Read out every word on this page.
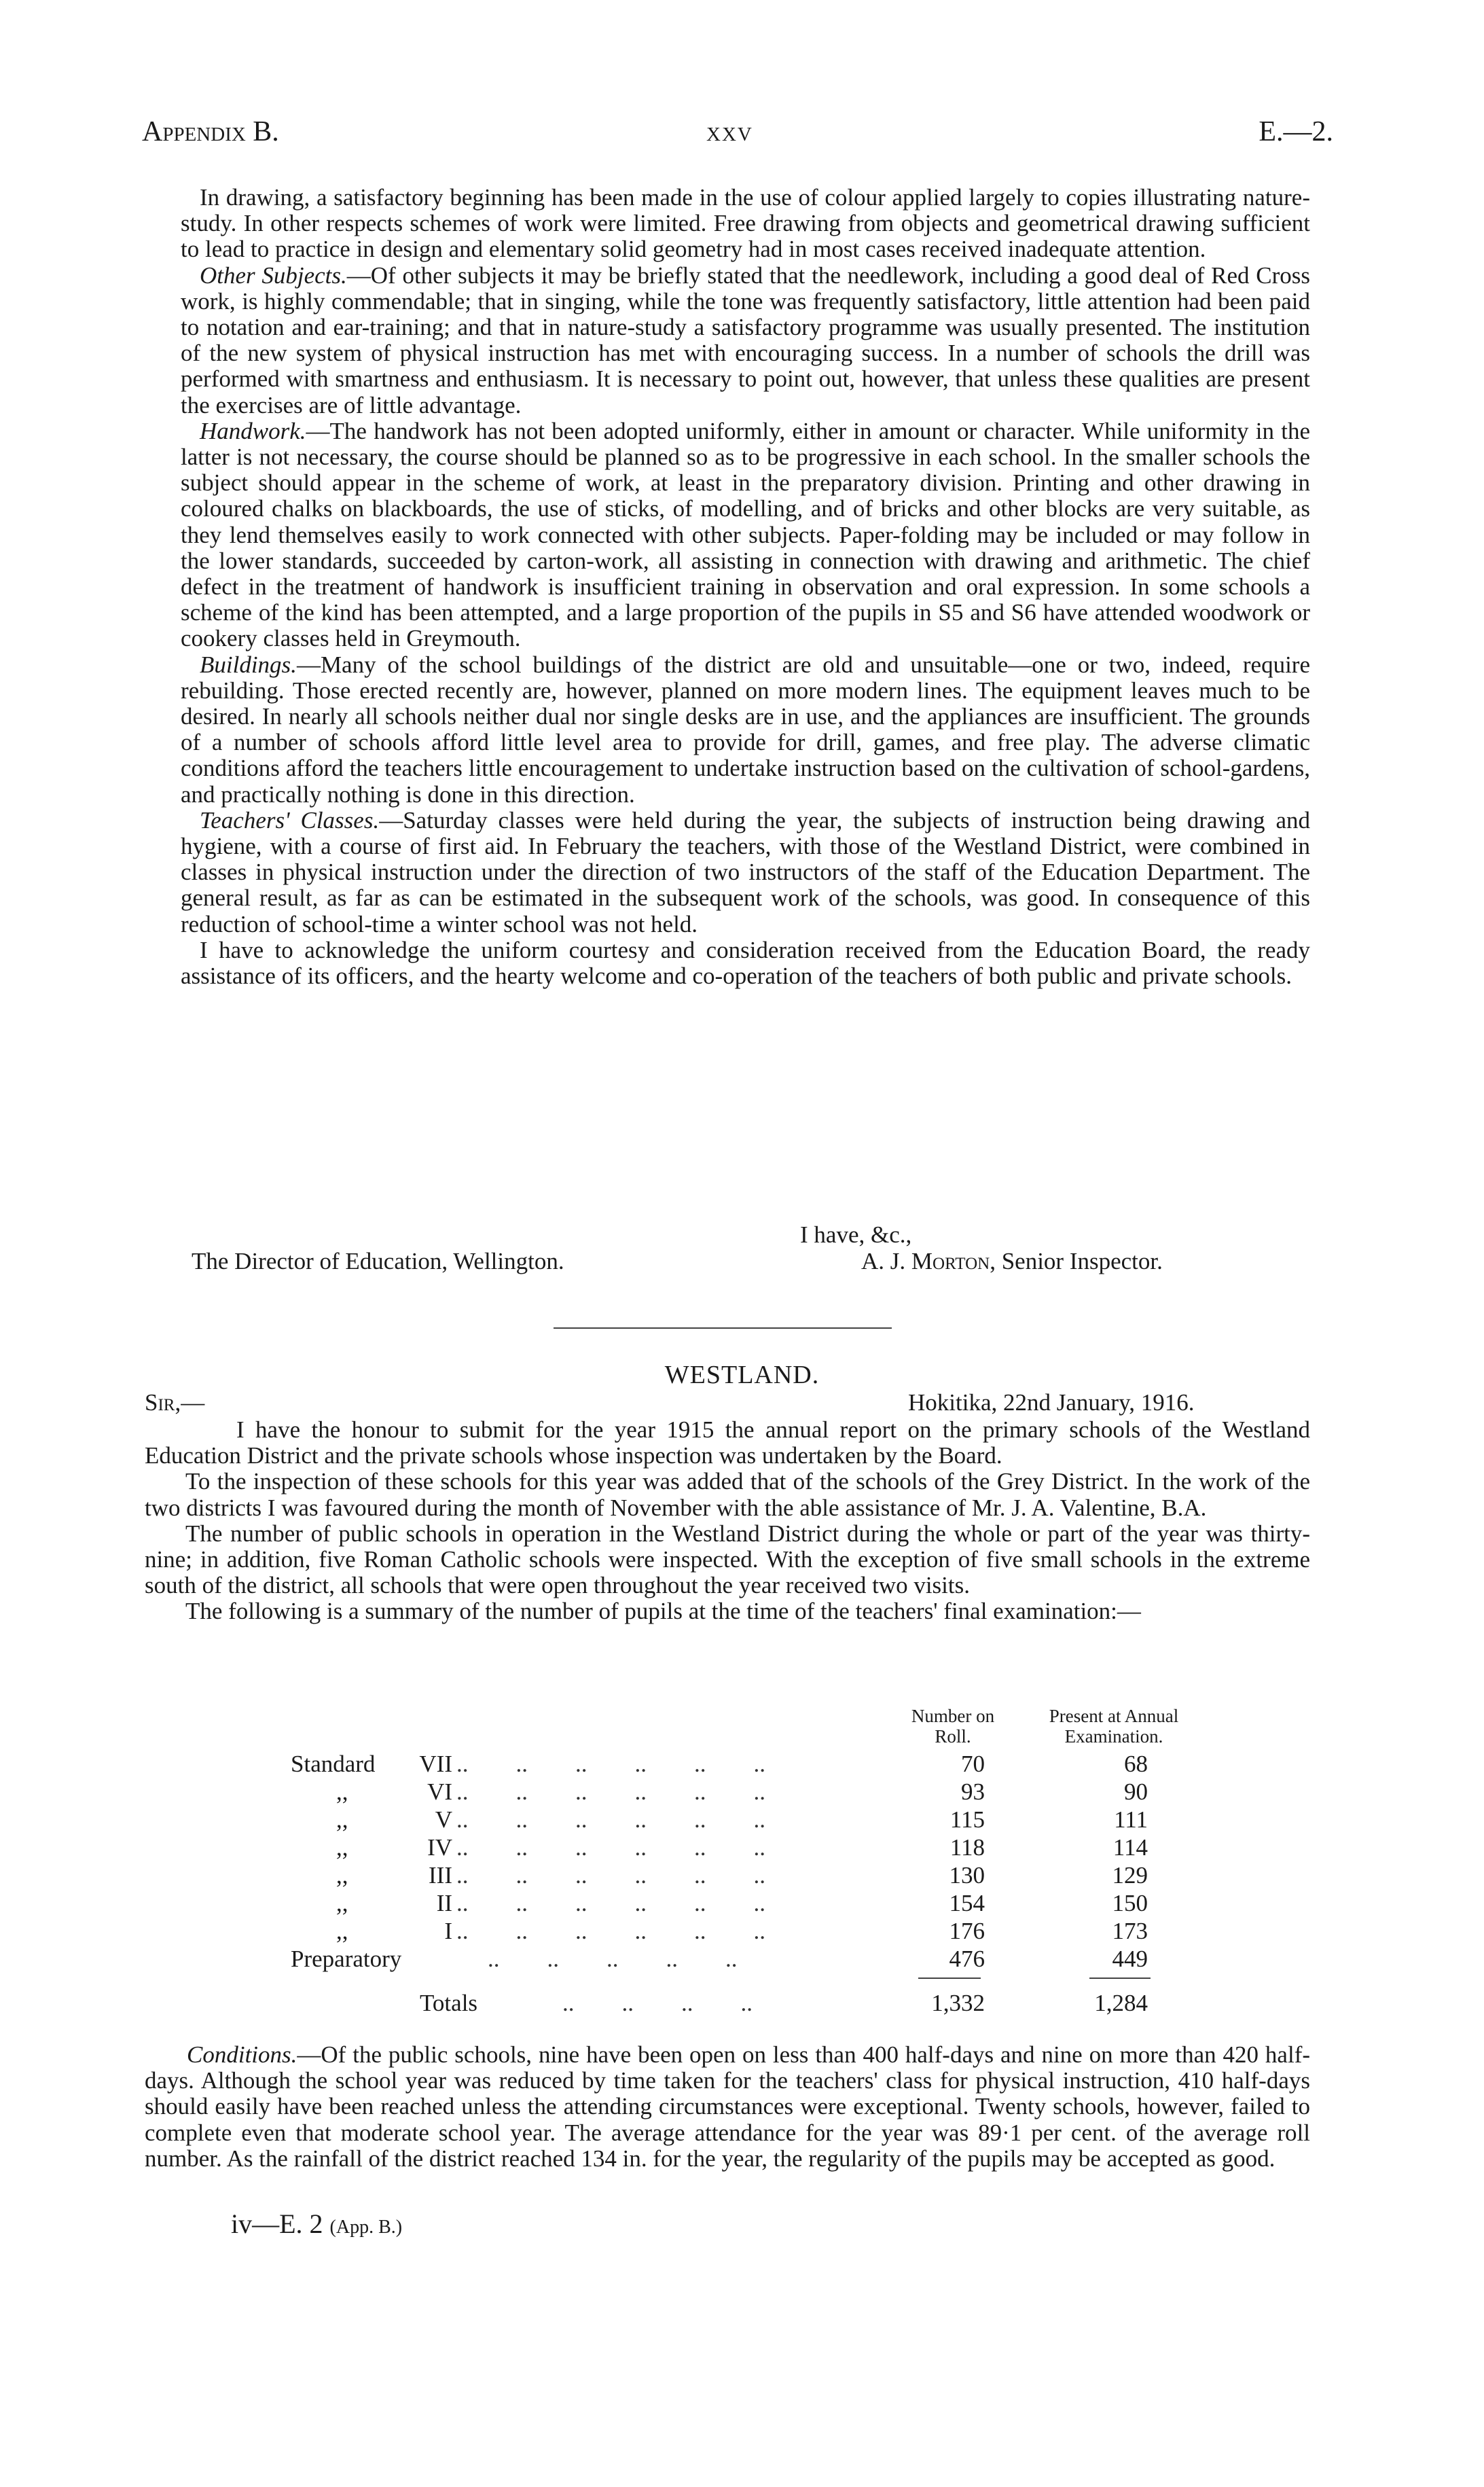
Appendix B.	xxv	E.—2.

In drawing, a satisfactory beginning has been made in the use of colour applied largely to copies illustrating nature-study. In other respects schemes of work were limited. Free drawing from objects and geometrical drawing sufficient to lead to practice in design and elementary solid geometry had in most cases received inadequate attention.

Other Subjects.—Of other subjects it may be briefly stated that the needlework, including a good deal of Red Cross work, is highly commendable; that in singing, while the tone was frequently satisfactory, little attention had been paid to notation and ear-training; and that in nature-study a satisfactory programme was usually presented. The institution of the new system of physical instruction has met with encouraging success. In a number of schools the drill was performed with smartness and enthusiasm. It is necessary to point out, however, that unless these qualities are present the exercises are of little advantage.

Handwork.—The handwork has not been adopted uniformly, either in amount or character. While uniformity in the latter is not necessary, the course should be planned so as to be progressive in each school. In the smaller schools the subject should appear in the scheme of work, at least in the preparatory division. Printing and other drawing in coloured chalks on blackboards, the use of sticks, of modelling, and of bricks and other blocks are very suitable, as they lend themselves easily to work connected with other subjects. Paper-folding may be included or may follow in the lower standards, succeeded by carton-work, all assisting in connection with drawing and arithmetic. The chief defect in the treatment of handwork is insufficient training in observation and oral expression. In some schools a scheme of the kind has been attempted, and a large proportion of the pupils in S5 and S6 have attended woodwork or cookery classes held in Greymouth.

Buildings.—Many of the school buildings of the district are old and unsuitable—one or two, indeed, require rebuilding. Those erected recently are, however, planned on more modern lines. The equipment leaves much to be desired. In nearly all schools neither dual nor single desks are in use, and the appliances are insufficient. The grounds of a number of schools afford little level area to provide for drill, games, and free play. The adverse climatic conditions afford the teachers little encouragement to undertake instruction based on the cultivation of school-gardens, and practically nothing is done in this direction.

Teachers' Classes.—Saturday classes were held during the year, the subjects of instruction being drawing and hygiene, with a course of first aid. In February the teachers, with those of the Westland District, were combined in classes in physical instruction under the direction of two instructors of the staff of the Education Department. The general result, as far as can be estimated in the subsequent work of the schools, was good. In consequence of this reduction of school-time a winter school was not held.

I have to acknowledge the uniform courtesy and consideration received from the Education Board, the ready assistance of its officers, and the hearty welcome and co-operation of the teachers of both public and private schools.

I have, &c.,
The Director of Education, Wellington.	A. J. Morton, Senior Inspector.
WESTLAND.
Sir,—	Hokitika, 22nd January, 1916.

I have the honour to submit for the year 1915 the annual report on the primary schools of the Westland Education District and the private schools whose inspection was undertaken by the Board.

To the inspection of these schools for this year was added that of the schools of the Grey District. In the work of the two districts I was favoured during the month of November with the able assistance of Mr. J. A. Valentine, B.A.

The number of public schools in operation in the Westland District during the whole or part of the year was thirty-nine; in addition, five Roman Catholic schools were inspected. With the exception of five small schools in the extreme south of the district, all schools that were open throughout the year received two visits.

The following is a summary of the number of pupils at the time of the teachers' final examination:—

Number on Roll.
Present at Annual Examination.
Standard	VII ..        ..        ..        ..        ..        ..	70	68
,,	VI ..        ..        ..        ..        ..        ..	93	90
,,	V ..        ..        ..        ..        ..        ..	115	111
,,	IV ..        ..        ..        ..        ..        ..	118	114
,,	III ..        ..        ..        ..        ..        ..	130	129
,,	II ..        ..        ..        ..        ..        ..	154	150
,,	I ..        ..        ..        ..        ..        ..	176	173
Preparatory ..        ..        ..        ..        ..	476	449
Totals	..        ..        ..        ..	1,332	1,284

Conditions.—Of the public schools, nine have been open on less than 400 half-days and nine on more than 420 half-days. Although the school year was reduced by time taken for the teachers' class for physical instruction, 410 half-days should easily have been reached unless the attending circumstances were exceptional. Twenty schools, however, failed to complete even that moderate school year. The average attendance for the year was 89·1 per cent. of the average roll number. As the rainfall of the district reached 134 in. for the year, the regularity of the pupils may be accepted as good.

iv—E. 2 (App. B.)
